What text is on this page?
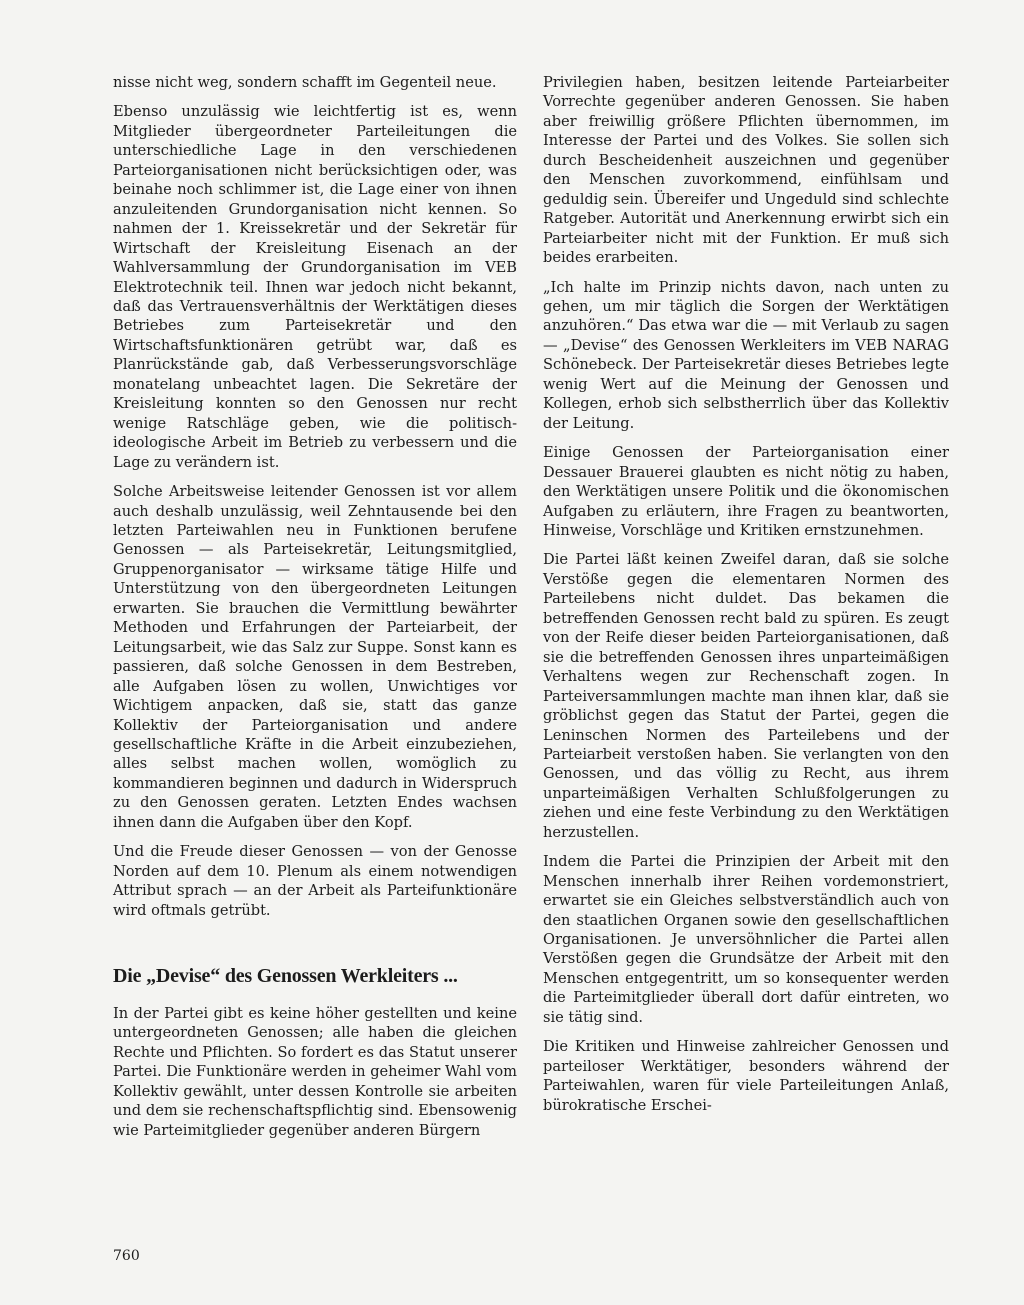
nisse nicht weg, sondern schafft im Gegenteil neue.

Ebenso unzulässig wie leichtfertig ist es, wenn Mitglieder übergeordneter Parteileitungen die unterschiedliche Lage in den verschiedenen Parteiorganisationen nicht berücksichtigen oder, was beinahe noch schlimmer ist, die Lage einer von ihnen anzuleitenden Grundorganisation nicht kennen. So nahmen der 1. Kreissekretär und der Sekretär für Wirtschaft der Kreisleitung Eisenach an der Wahlversammlung der Grundorganisation im VEB Elektrotechnik teil. Ihnen war jedoch nicht bekannt, daß das Vertrauensverhältnis der Werktätigen dieses Betriebes zum Parteisekretär und den Wirtschaftsfunktionären getrübt war, daß es Planrückstände gab, daß Verbesserungsvorschläge monatelang unbeachtet lagen. Die Sekretäre der Kreisleitung konnten so den Genossen nur recht wenige Ratschläge geben, wie die politisch-ideologische Arbeit im Betrieb zu verbessern und die Lage zu verändern ist.

Solche Arbeitsweise leitender Genossen ist vor allem auch deshalb unzulässig, weil Zehntausende bei den letzten Parteiwahlen neu in Funktionen berufene Genossen — als Parteisekretär, Leitungsmitglied, Gruppenorganisator — wirksame tätige Hilfe und Unterstützung von den übergeordneten Leitungen erwarten. Sie brauchen die Vermittlung bewährter Methoden und Erfahrungen der Parteiarbeit, der Leitungsarbeit, wie das Salz zur Suppe. Sonst kann es passieren, daß solche Genossen in dem Bestreben, alle Aufgaben lösen zu wollen, Unwichtiges vor Wichtigem anpacken, daß sie, statt das ganze Kollektiv der Parteiorganisation und andere gesellschaftliche Kräfte in die Arbeit einzubeziehen, alles selbst machen wollen, womöglich zu kommandieren beginnen und dadurch in Widerspruch zu den Genossen geraten. Letzten Endes wachsen ihnen dann die Aufgaben über den Kopf.

Und die Freude dieser Genossen — von der Genosse Norden auf dem 10. Plenum als einem notwendigen Attribut sprach — an der Arbeit als Parteifunktionäre wird oftmals getrübt.

Die „Devise“ des Genossen Werkleiters ...

In der Partei gibt es keine höher gestellten und keine untergeordneten Genossen; alle haben die gleichen Rechte und Pflichten. So fordert es das Statut unserer Partei. Die Funktionäre werden in geheimer Wahl vom Kollektiv gewählt, unter dessen Kontrolle sie arbeiten und dem sie rechenschaftspflichtig sind. Ebensowenig wie Parteimitglieder gegenüber anderen Bürgern

Privilegien haben, besitzen leitende Parteiarbeiter Vorrechte gegenüber anderen Genossen. Sie haben aber freiwillig größere Pflichten übernommen, im Interesse der Partei und des Volkes. Sie sollen sich durch Bescheidenheit auszeichnen und gegenüber den Menschen zuvorkommend, einfühlsam und geduldig sein. Übereifer und Ungeduld sind schlechte Ratgeber. Autorität und Anerkennung erwirbt sich ein Parteiarbeiter nicht mit der Funktion. Er muß sich beides erarbeiten.

„Ich halte im Prinzip nichts davon, nach unten zu gehen, um mir täglich die Sorgen der Werktätigen anzuhören.“ Das etwa war die — mit Verlaub zu sagen — „Devise“ des Genossen Werkleiters im VEB NARAG Schönebeck. Der Parteisekretär dieses Betriebes legte wenig Wert auf die Meinung der Genossen und Kollegen, erhob sich selbstherrlich über das Kollektiv der Leitung.

Einige Genossen der Parteiorganisation einer Dessauer Brauerei glaubten es nicht nötig zu haben, den Werktätigen unsere Politik und die ökonomischen Aufgaben zu erläutern, ihre Fragen zu beantworten, Hinweise, Vorschläge und Kritiken ernstzunehmen.

Die Partei läßt keinen Zweifel daran, daß sie solche Verstöße gegen die elementaren Normen des Parteilebens nicht duldet. Das bekamen die betreffenden Genossen recht bald zu spüren. Es zeugt von der Reife dieser beiden Parteiorganisationen, daß sie die betreffenden Genossen ihres unparteimäßigen Verhaltens wegen zur Rechenschaft zogen. In Parteiversammlungen machte man ihnen klar, daß sie gröblichst gegen das Statut der Partei, gegen die Leninschen Normen des Parteilebens und der Parteiarbeit verstoßen haben. Sie verlangten von den Genossen, und das völlig zu Recht, aus ihrem unparteimäßigen Verhalten Schlußfolgerungen zu ziehen und eine feste Verbindung zu den Werktätigen herzustellen.

Indem die Partei die Prinzipien der Arbeit mit den Menschen innerhalb ihrer Reihen vordemonstriert, erwartet sie ein Gleiches selbstverständlich auch von den staatlichen Organen sowie den gesellschaftlichen Organisationen. Je unversöhnlicher die Partei allen Verstößen gegen die Grundsätze der Arbeit mit den Menschen entgegentritt, um so konsequenter werden die Parteimitglieder überall dort dafür eintreten, wo sie tätig sind.

Die Kritiken und Hinweise zahlreicher Genossen und parteiloser Werktätiger, besonders während der Parteiwahlen, waren für viele Parteileitungen Anlaß, bürokratische Erschei-

760
